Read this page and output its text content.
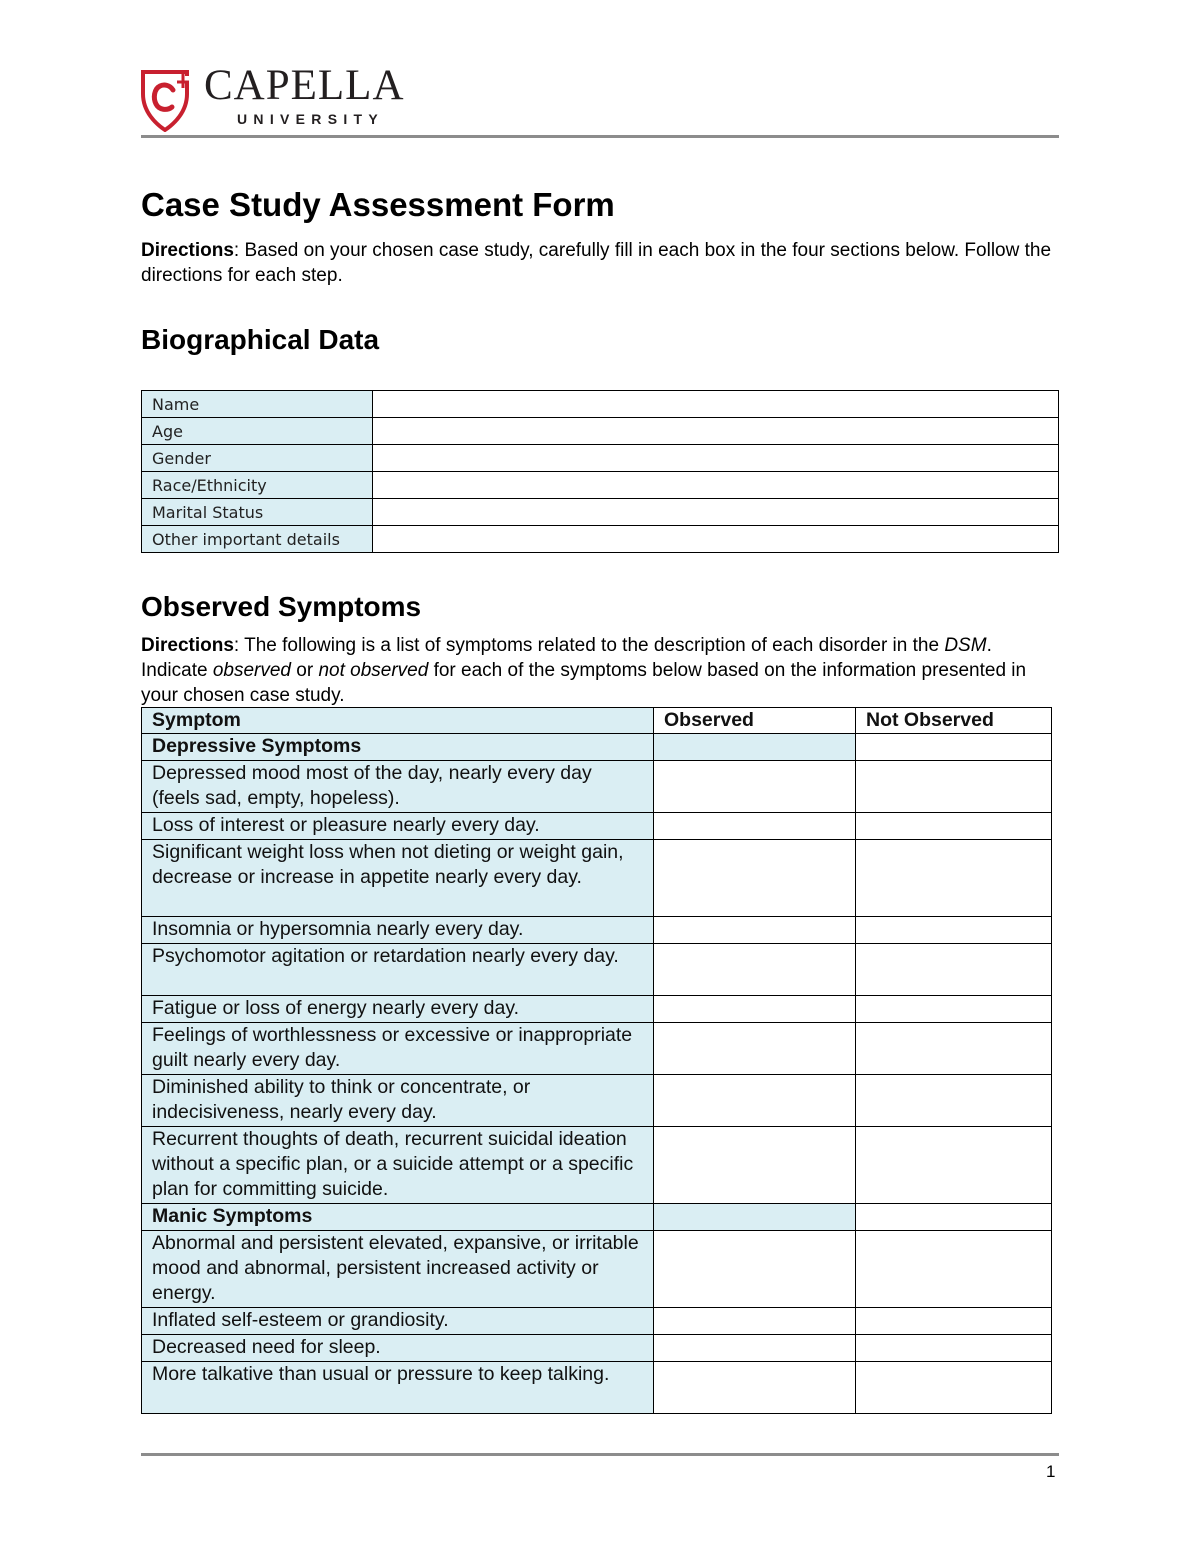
CAPELLA
UNIVERSITY
Case Study Assessment Form
Directions: Based on your chosen case study, carefully fill in each box in the four sections below. Follow the directions for each step.
Biographical Data
Name	
Age	
Gender	
Race/Ethnicity	
Marital Status	
Other important details	
Observed Symptoms
Directions: The following is a list of symptoms related to the description of each disorder in the DSM. Indicate observed or not observed for each of the symptoms below based on the information presented in your chosen case study.
Symptom	Observed	Not Observed
Depressive Symptoms		
Depressed mood most of the day, nearly every day (feels sad, empty, hopeless).		
Loss of interest or pleasure nearly every day.		
Significant weight loss when not dieting or weight gain, decrease or increase in appetite nearly every day.		
Insomnia or hypersomnia nearly every day.		
Psychomotor agitation or retardation nearly every day.		
Fatigue or loss of energy nearly every day.		
Feelings of worthlessness or excessive or inappropriate guilt nearly every day.		
Diminished ability to think or concentrate, or indecisiveness, nearly every day.		
Recurrent thoughts of death, recurrent suicidal ideation without a specific plan, or a suicide attempt or a specific plan for committing suicide.		
Manic Symptoms		
Abnormal and persistent elevated, expansive, or irritable mood and abnormal, persistent increased activity or energy.		
Inflated self-esteem or grandiosity.		
Decreased need for sleep.		
More talkative than usual or pressure to keep talking.		
1
